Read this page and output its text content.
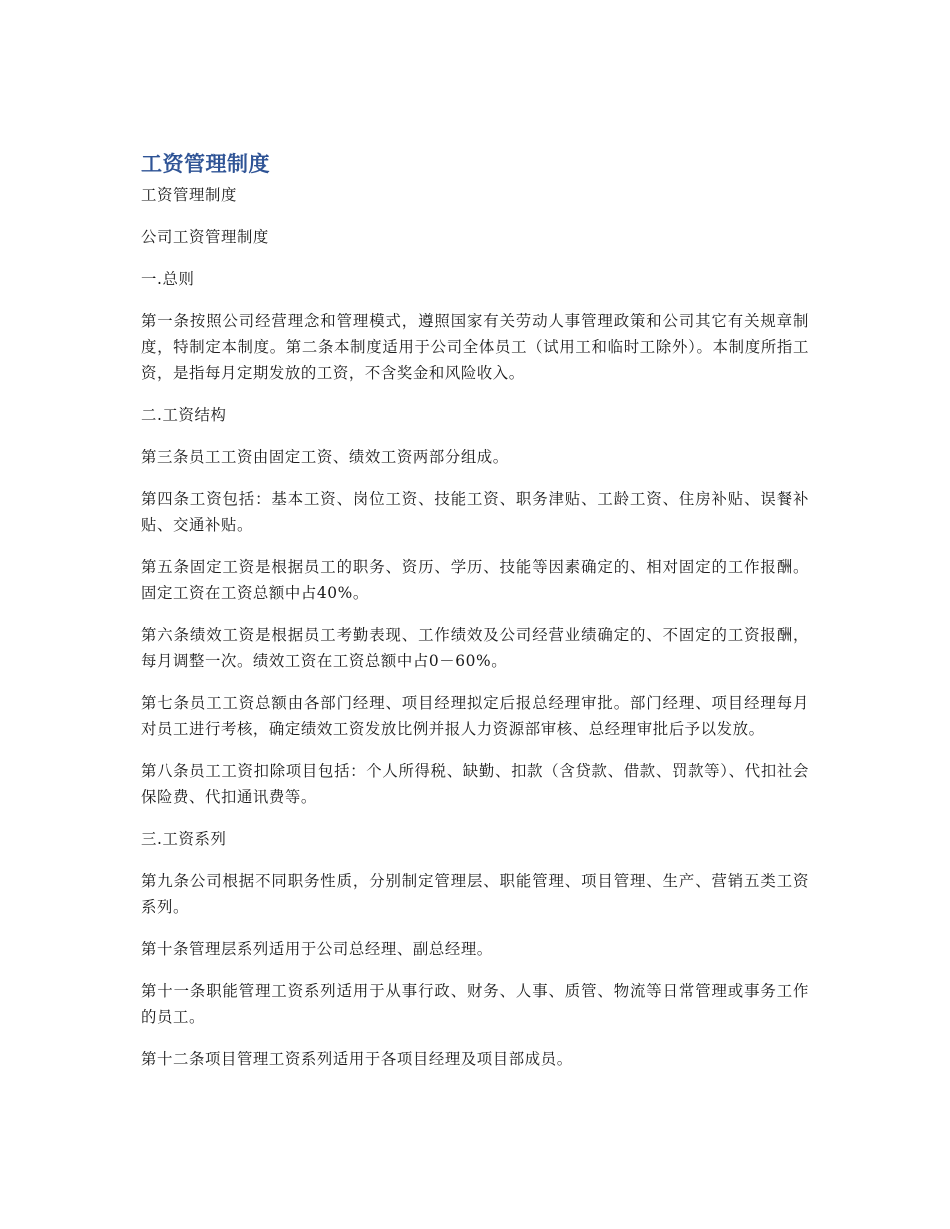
工资管理制度

工资管理制度

公司工资管理制度

一.总则

第一条按照公司经营理念和管理模式，遵照国家有关劳动人事管理政策和公司其它有关规章制度，特制定本制度。第二条本制度适用于公司全体员工（试用工和临时工除外）。本制度所指工资，是指每月定期发放的工资，不含奖金和风险收入。

二.工资结构

第三条员工工资由固定工资、绩效工资两部分组成。

第四条工资包括：基本工资、岗位工资、技能工资、职务津贴、工龄工资、住房补贴、误餐补贴、交通补贴。

第五条固定工资是根据员工的职务、资历、学历、技能等因素确定的、相对固定的工作报酬。固定工资在工资总额中占40%。

第六条绩效工资是根据员工考勤表现、工作绩效及公司经营业绩确定的、不固定的工资报酬，每月调整一次。绩效工资在工资总额中占0－60%。

第七条员工工资总额由各部门经理、项目经理拟定后报总经理审批。部门经理、项目经理每月对员工进行考核，确定绩效工资发放比例并报人力资源部审核、总经理审批后予以发放。

第八条员工工资扣除项目包括：个人所得税、缺勤、扣款（含贷款、借款、罚款等）、代扣社会保险费、代扣通讯费等。

三.工资系列

第九条公司根据不同职务性质，分别制定管理层、职能管理、项目管理、生产、营销五类工资系列。

第十条管理层系列适用于公司总经理、副总经理。

第十一条职能管理工资系列适用于从事行政、财务、人事、质管、物流等日常管理或事务工作的员工。

第十二条项目管理工资系列适用于各项目经理及项目部成员。
